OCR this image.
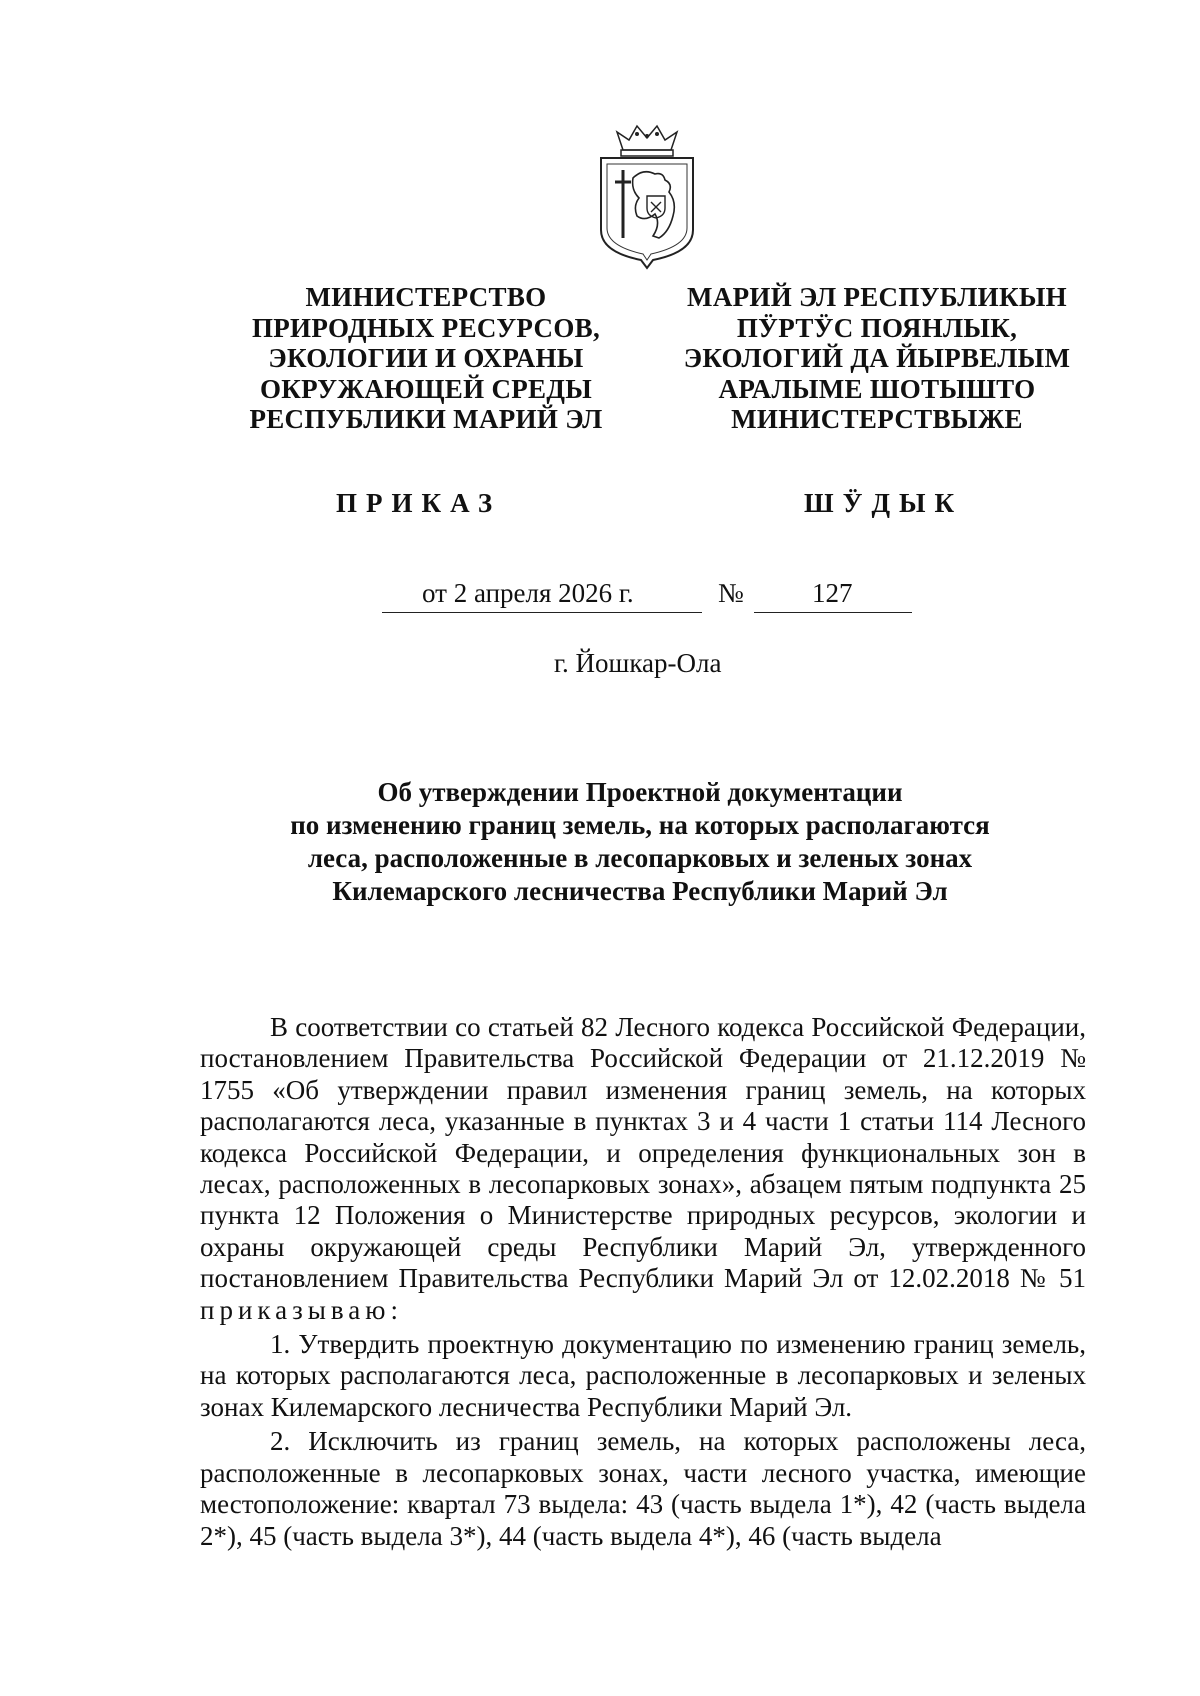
МИНИСТЕРСТВО
ПРИРОДНЫХ РЕСУРСОВ,
ЭКОЛОГИИ И ОХРАНЫ
ОКРУЖАЮЩЕЙ СРЕДЫ
РЕСПУБЛИКИ МАРИЙ ЭЛ
МАРИЙ ЭЛ РЕСПУБЛИКЫН
ПӰРТӰС ПОЯНЛЫК,
ЭКОЛОГИЙ ДА ЙЫРВЕЛЫМ
АРАЛЫМЕ ШОТЫШТО
МИНИСТЕРСТВЫЖЕ
ПРИКАЗ	ШӰДЫК
от 2 апреля 2026 г.	№	127
г. Йошкар-Ола
Об утверждении Проектной документации
по изменению границ земель, на которых располагаются
леса, расположенные в лесопарковых и зеленых зонах
Килемарского лесничества Республики Марий Эл

В соответствии со статьей 82 Лесного кодекса Российской Федерации, постановлением Правительства Российской Федерации от 21.12.2019 № 1755 «Об утверждении правил изменения границ земель, на которых располагаются леса, указанные в пунктах 3 и 4 части 1 статьи 114 Лесного кодекса Российской Федерации, и определения функциональных зон в лесах, расположенных в лесопарковых зонах», абзацем пятым подпункта 25 пункта 12 Положения о Министерстве природных ресурсов, экологии и охраны окружающей среды Республики Марий Эл, утвержденного постановлением Правительства Республики Марий Эл от 12.02.2018 № 51 приказываю:

1. Утвердить проектную документацию по изменению границ земель, на которых располагаются леса, расположенные в лесопарковых и зеленых зонах Килемарского лесничества Республики Марий Эл.

2. Исключить из границ земель, на которых расположены леса, расположенные в лесопарковых зонах, части лесного участка, имеющие местоположение: квартал 73 выдела: 43 (часть выдела 1*), 42 (часть выдела 2*), 45 (часть выдела 3*), 44 (часть выдела 4*), 46 (часть выдела
